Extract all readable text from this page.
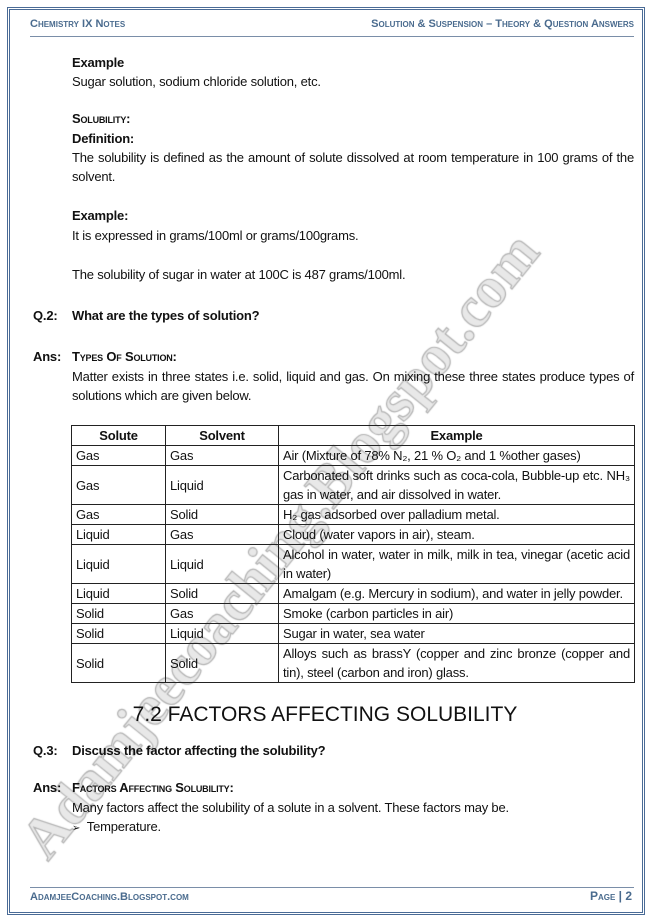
Chemistry IX Notes	Solution & Suspension – Theory & Question Answers
Example
Sugar solution, sodium chloride solution, etc.
Solubility:
Definition:
The solubility is defined as the amount of solute dissolved at room temperature in 100 grams of the solvent.
Example:
It is expressed in grams/100ml or grams/100grams.
The solubility of sugar in water at 100C is 487 grams/100ml.
Q.2:	What are the types of solution?
Ans: Types Of Solution:
Matter exists in three states i.e. solid, liquid and gas. On mixing these three states produce types of solutions which are given below.
Solute	Solvent	Example
Gas	Gas	Air (Mixture of 78% N₂, 21 % O₂ and 1 %other gases)
Gas	Liquid	Carbonated soft drinks such as coca-cola, Bubble-up etc. NH₃ gas in water, and air dissolved in water.
Gas	Solid	H₂ gas adsorbed over palladium metal.
Liquid	Gas	Cloud (water vapors in air), steam.
Liquid	Liquid	Alcohol in water, water in milk, milk in tea, vinegar (acetic acid in water)
Liquid	Solid	Amalgam (e.g. Mercury in sodium), and water in jelly powder.
Solid	Gas	Smoke (carbon particles in air)
Solid	Liquid	Sugar in water, sea water
Solid	Solid	Alloys such as brassY (copper and zinc bronze (copper and tin), steel (carbon and iron) glass.
7.2 FACTORS AFFECTING SOLUBILITY
Q.3:	Discuss the factor affecting the solubility?
Ans: Factors Affecting Solubility:
Many factors affect the solubility of a solute in a solvent. These factors may be.
➢ Temperature.
AdamjeeCoaching.Blogspot.com	Page | 2
